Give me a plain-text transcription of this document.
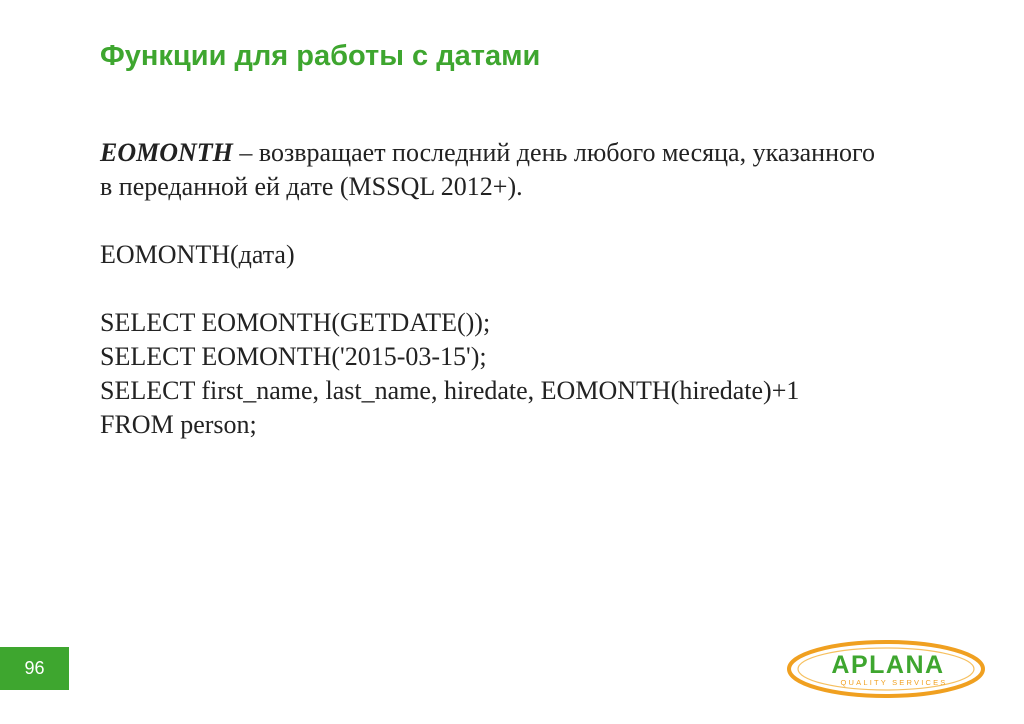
Функции для работы с датами
EOMONTH – возвращает последний день любого месяца, указанного
в переданной ей дате (MSSQL 2012+).
EOMONTH(дата)
SELECT EOMONTH(GETDATE());
SELECT EOMONTH('2015-03-15');
SELECT first_name, last_name, hiredate, EOMONTH(hiredate)+1
FROM person;
96	APLANA
QUALITY SERVICES
